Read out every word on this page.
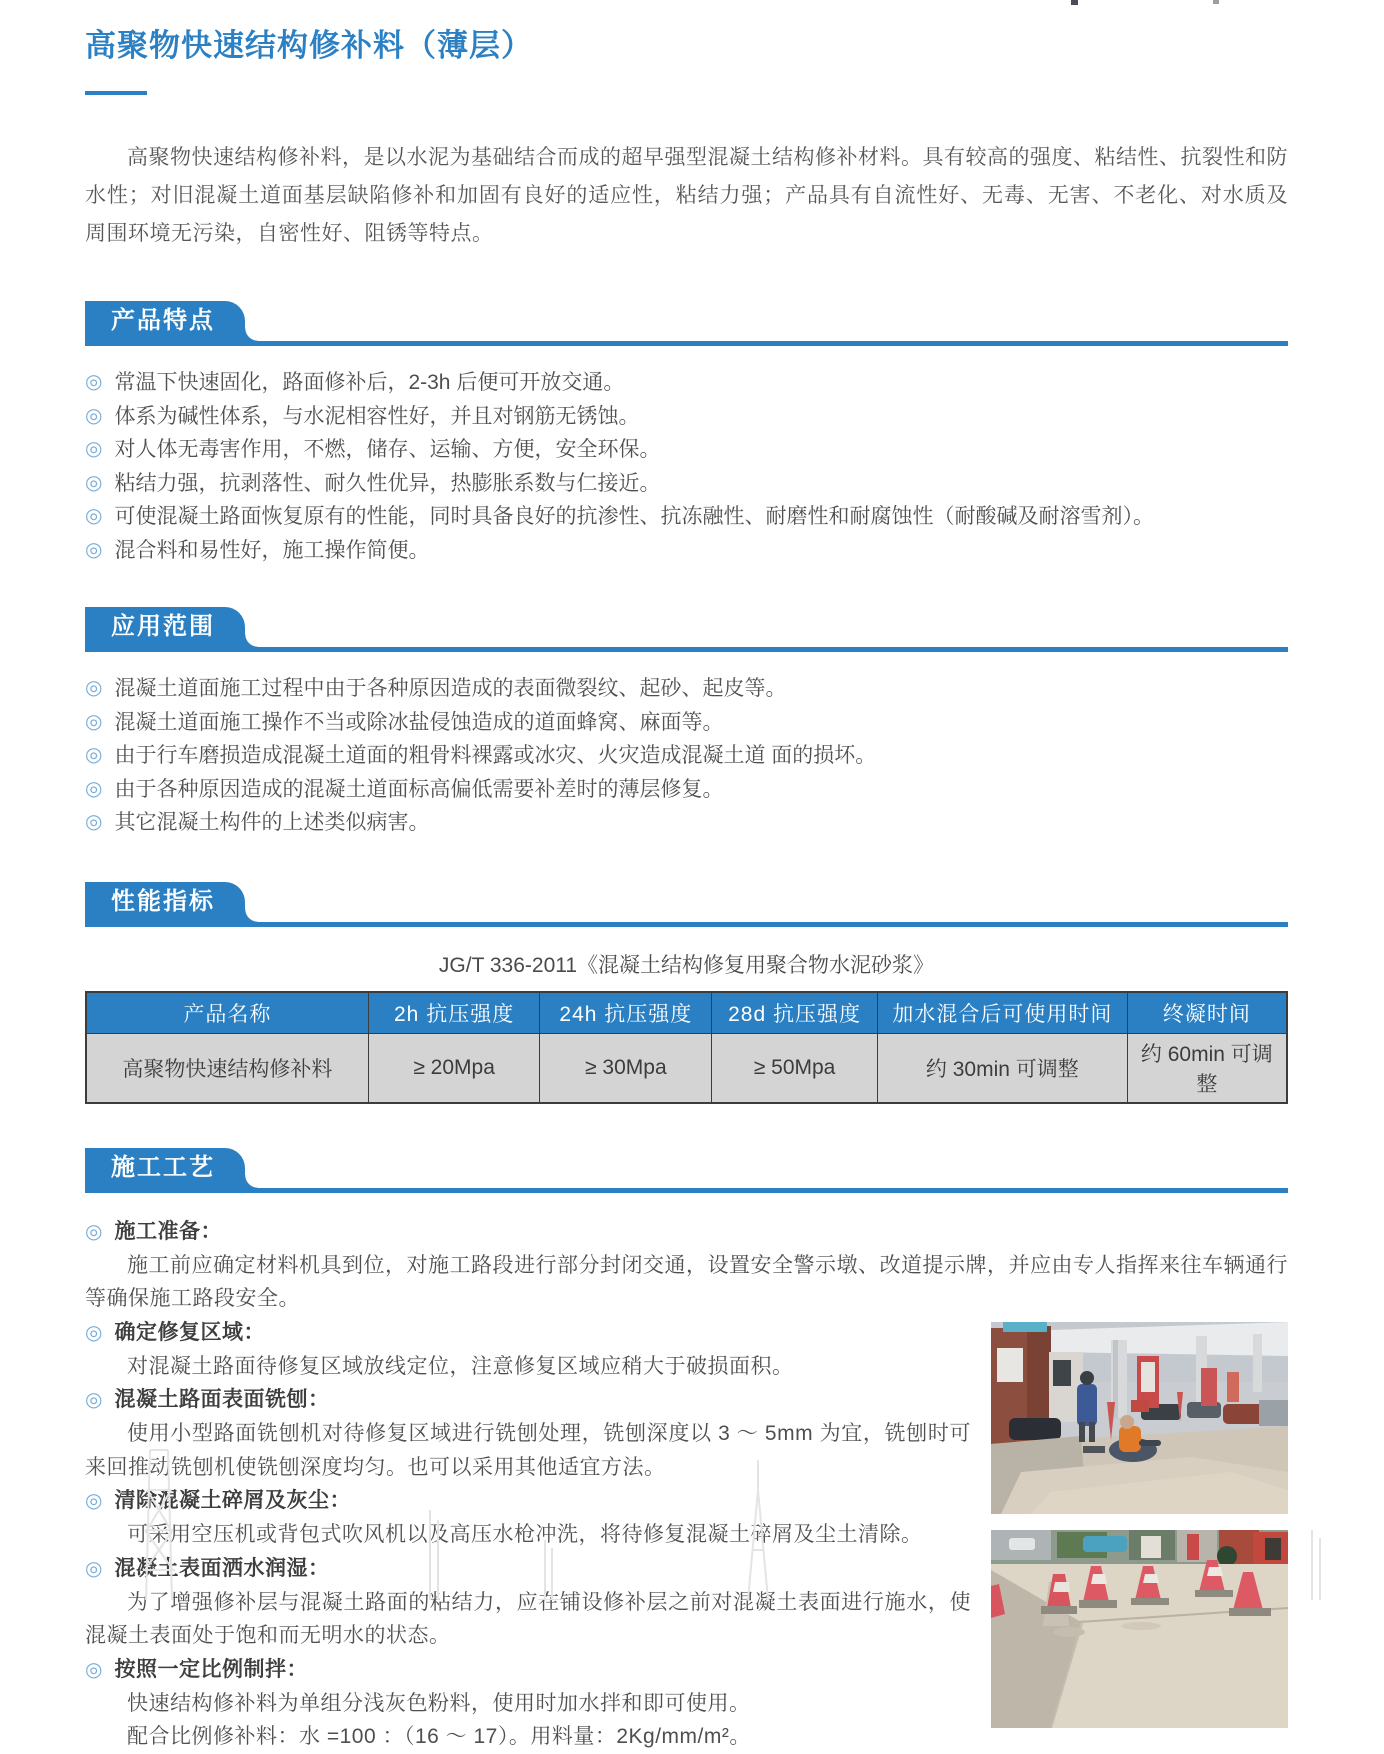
高聚物快速结构修补料（薄层）
高聚物快速结构修补料，是以水泥为基础结合而成的超早强型混凝土结构修补材料。具有较高的强度、粘结性、抗裂性和防水性；对旧混凝土道面基层缺陷修补和加固有良好的适应性，粘结力强；产品具有自流性好、无毒、无害、不老化、对水质及周围环境无污染，自密性好、阻锈等特点。
产品特点
◎ 常温下快速固化，路面修补后，2-3h 后便可开放交通。
◎ 体系为碱性体系，与水泥相容性好，并且对钢筋无锈蚀。
◎ 对人体无毒害作用，不燃，储存、运输、方便，安全环保。
◎ 粘结力强，抗剥落性、耐久性优异，热膨胀系数与仁接近。
◎ 可使混凝土路面恢复原有的性能，同时具备良好的抗渗性、抗冻融性、耐磨性和耐腐蚀性（耐酸碱及耐溶雪剂）。
◎ 混合料和易性好，施工操作简便。
应用范围
◎ 混凝土道面施工过程中由于各种原因造成的表面微裂纹、起砂、起皮等。
◎ 混凝土道面施工操作不当或除冰盐侵蚀造成的道面蜂窝、麻面等。
◎ 由于行车磨损造成混凝土道面的粗骨料裸露或冰灾、火灾造成混凝土道 面的损坏。
◎ 由于各种原因造成的混凝土道面标高偏低需要补差时的薄层修复。
◎ 其它混凝土构件的上述类似病害。
性能指标
JG/T 336-2011《混凝土结构修复用聚合物水泥砂浆》
产品名称	2h 抗压强度	24h 抗压强度	28d 抗压强度	加水混合后可使用时间	终凝时间
高聚物快速结构修补料	≥ 20Mpa	≥ 30Mpa	≥ 50Mpa	约 30min 可调整	约 60min 可调整
施工工艺
◎ 施工准备：

施工前应确定材料机具到位，对施工路段进行部分封闭交通，设置安全警示墩、改道提示牌，并应由专人指挥来往车辆通行等确保施工路段安全。

◎ 确定修复区域：

对混凝土路面待修复区域放线定位，注意修复区域应稍大于破损面积。

◎ 混凝土路面表面铣刨：

使用小型路面铣刨机对待修复区域进行铣刨处理，铣刨深度以 3 ～ 5mm 为宜，铣刨时可来回推动铣刨机使铣刨深度均匀。也可以采用其他适宜方法。

◎ 清除混凝土碎屑及灰尘：

可采用空压机或背包式吹风机以及高压水枪冲洗，将待修复混凝土碎屑及尘土清除。

◎ 混凝土表面洒水润湿：

为了增强修补层与混凝土路面的粘结力，应在铺设修补层之前对混凝土表面进行施水，使混凝土表面处于饱和而无明水的状态。

◎ 按照一定比例制拌：

快速结构修补料为单组分浅灰色粉料，使用时加水拌和即可使用。

配合比例修补料：水 =100 ：（16 ～ 17）。用料量：2Kg/mm/m²。
